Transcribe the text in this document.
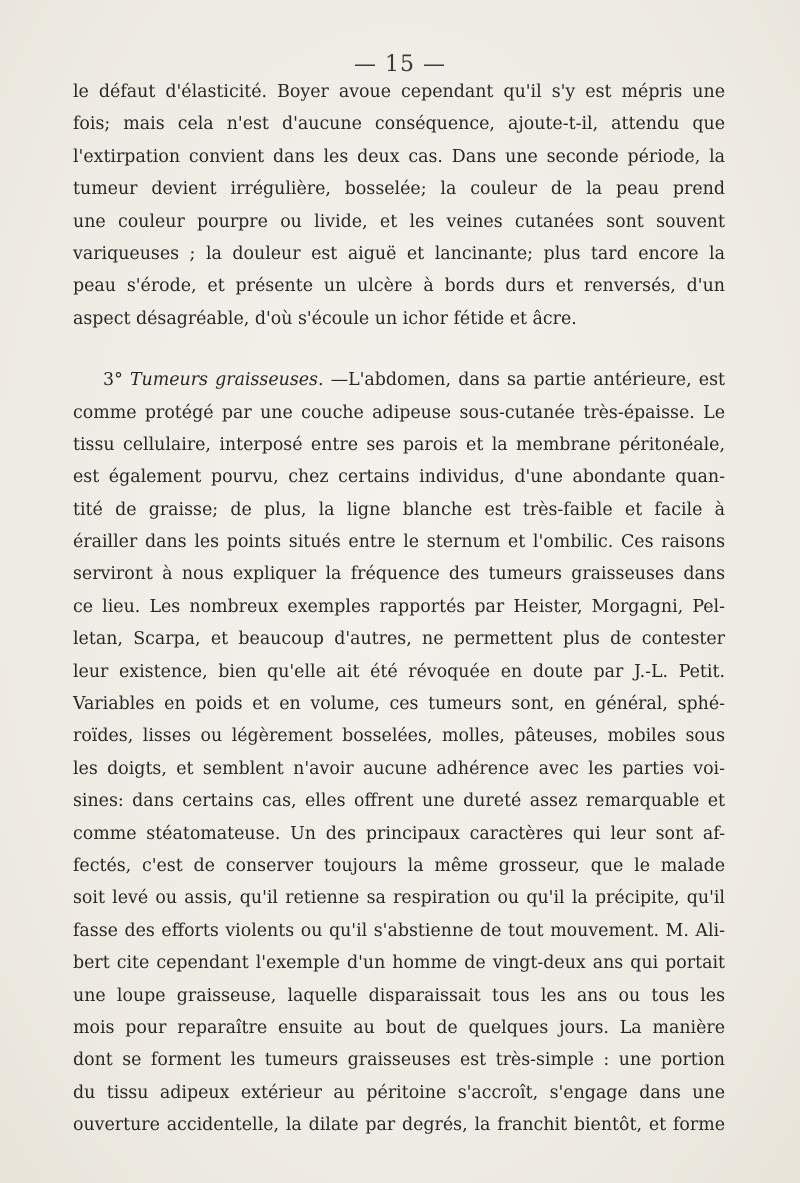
— 15 —
le défaut d'élasticité. Boyer avoue cependant qu'il s'y est mépris une
fois; mais cela n'est d'aucune conséquence, ajoute-t-il, attendu que
l'extirpation convient dans les deux cas. Dans une seconde période, la
tumeur devient irrégulière, bosselée; la couleur de la peau prend
une couleur pourpre ou livide, et les veines cutanées sont souvent
variqueuses ; la douleur est aiguë et lancinante; plus tard encore la
peau s'érode, et présente un ulcère à bords durs et renversés, d'un
aspect désagréable, d'où s'écoule un ichor fétide et âcre.
3° Tumeurs graisseuses. —L'abdomen, dans sa partie antérieure, est
comme protégé par une couche adipeuse sous-cutanée très-épaisse. Le
tissu cellulaire, interposé entre ses parois et la membrane péritonéale,
est également pourvu, chez certains individus, d'une abondante quan-
tité de graisse; de plus, la ligne blanche est très-faible et facile à
érailler dans les points situés entre le sternum et l'ombilic. Ces raisons
serviront à nous expliquer la fréquence des tumeurs graisseuses dans
ce lieu. Les nombreux exemples rapportés par Heister, Morgagni, Pel-
letan, Scarpa, et beaucoup d'autres, ne permettent plus de contester
leur existence, bien qu'elle ait été révoquée en doute par J.-L. Petit.
Variables en poids et en volume, ces tumeurs sont, en général, sphé-
roïdes, lisses ou légèrement bosselées, molles, pâteuses, mobiles sous
les doigts, et semblent n'avoir aucune adhérence avec les parties voi-
sines: dans certains cas, elles offrent une dureté assez remarquable et
comme stéatomateuse. Un des principaux caractères qui leur sont af-
fectés, c'est de conserver toujours la même grosseur, que le malade
soit levé ou assis, qu'il retienne sa respiration ou qu'il la précipite, qu'il
fasse des efforts violents ou qu'il s'abstienne de tout mouvement. M. Ali-
bert cite cependant l'exemple d'un homme de vingt-deux ans qui portait
une loupe graisseuse, laquelle disparaissait tous les ans ou tous les
mois pour reparaître ensuite au bout de quelques jours. La manière
dont se forment les tumeurs graisseuses est très-simple : une portion
du tissu adipeux extérieur au péritoine s'accroît, s'engage dans une
ouverture accidentelle, la dilate par degrés, la franchit bientôt, et forme
